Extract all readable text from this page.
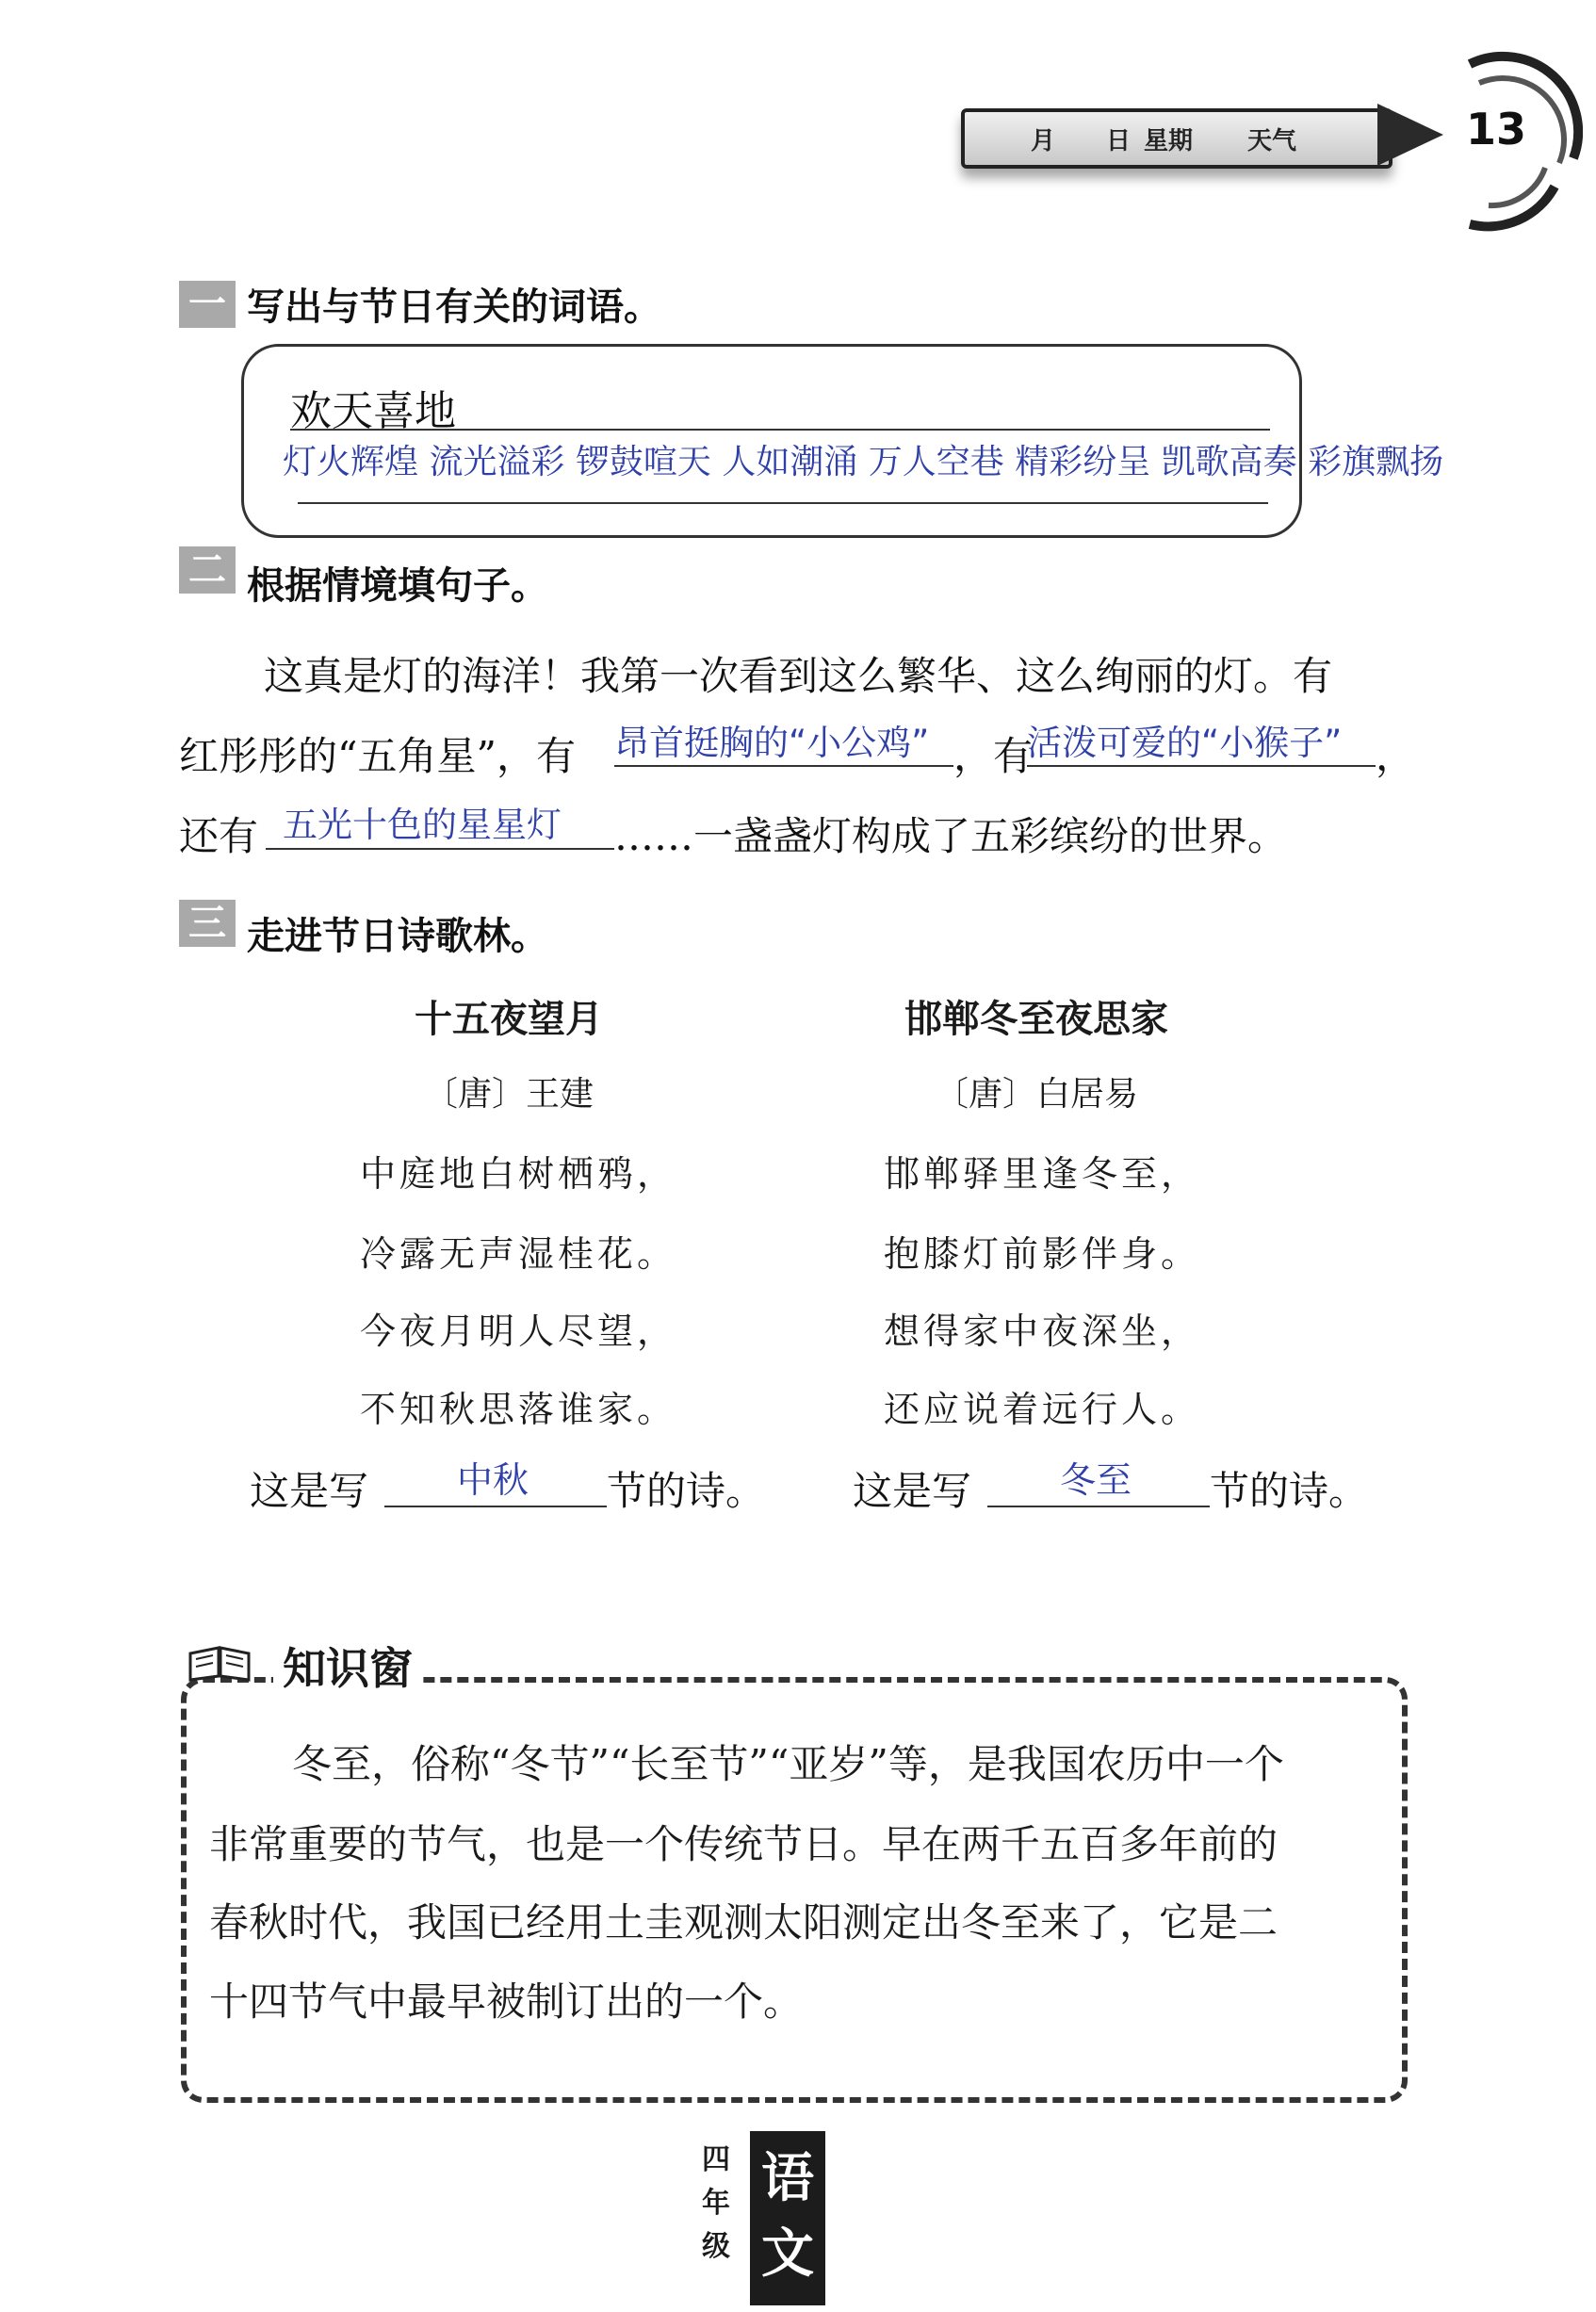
月 日 星期 天气	13
一 写出与节日有关的词语。
欢天喜地
灯火辉煌 流光溢彩 锣鼓喧天 人如潮涌 万人空巷 精彩纷呈 凯歌高奏 彩旗飘扬
二 根据情境填句子。
这真是灯的海洋！我第一次看到这么繁华、这么绚丽的灯。有
红彤彤的“五角星”，有 昂首挺胸的“小公鸡” ，有
活泼可爱的“小猴子” ，
还有 五光十色的星星灯 ……一盏盏灯构成了五彩缤纷的世界。
三 走进节日诗歌林。
十五夜望月
〔唐〕王建
中庭地白树栖鸦，
冷露无声湿桂花。
今夜月明人尽望，
不知秋思落谁家。
这是写 中秋 节的诗。
邯郸冬至夜思家
〔唐〕白居易
邯郸驿里逢冬至，
抱膝灯前影伴身。
想得家中夜深坐，
还应说着远行人。
这是写 冬至 节的诗。
知识窗
冬至，俗称“冬节”“长至节”“亚岁”等，是我国农历中一个
非常重要的节气，也是一个传统节日。早在两千五百多年前的
春秋时代，我国已经用土圭观测太阳测定出冬至来了，它是二
十四节气中最早被制订出的一个。
四
年
级
语
文
